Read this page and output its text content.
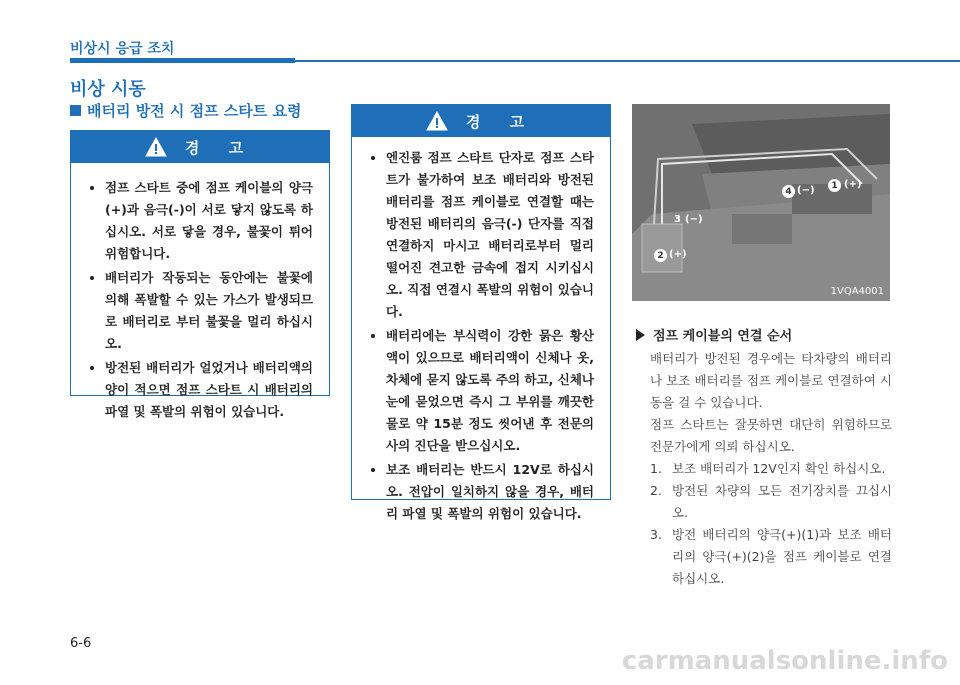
비상시 응급 조치
비상 시동
배터리 방전 시 점프 스타트 요령
경 고
• 점프 스타트 중에 점프 케이블의 양극(+)과 음극(-)이 서로 닿지 않도록 하십시오. 서로 닿을 경우, 불꽃이 튀어 위험합니다.
• 배터리가 작동되는 동안에는 불꽃에 의해 폭발할 수 있는 가스가 발생되므로 배터리로 부터 불꽃을 멀리 하십시오.
• 방전된 배터리가 얼었거나 배터리액의 양이 적으면 점프 스타트 시 배터리의 파열 및 폭발의 위험이 있습니다.
경 고
• 엔진룸 점프 스타트 단자로 점프 스타트가 불가하여 보조 배터리와 방전된 배터리를 점프 케이블로 연결할 때는 방전된 배터리의 음극(-) 단자를 직접 연결하지 마시고 배터리로부터 멀리 떨어진 견고한 금속에 접지 시키십시오. 직접 연결시 폭발의 위험이 있습니다.
• 배터리에는 부식력이 강한 묽은 황산액이 있으므로 배터리액이 신체나 옷, 차체에 묻지 않도록 주의 하고, 신체나 눈에 묻었으면 즉시 그 부위를 깨끗한 물로 약 15분 정도 씻어낸 후 전문의사의 진단을 받으십시오.
• 보조 배터리는 반드시 12V로 하십시오. 전압이 일치하지 않을 경우, 배터리 파열 및 폭발의 위험이 있습니다.
1 (+)
4 (−)
3 (−)
2 (+)
1VQA4001
점프 케이블의 연결 순서

배터리가 방전된 경우에는 타차량의 배터리나 보조 배터리를 점프 케이블로 연결하여 시동을 걸 수 있습니다.

점프 스타트는 잘못하면 대단히 위험하므로 전문가에게 의뢰 하십시오.

1. 보조 배터리가 12V인지 확인 하십시오.
2. 방전된 차량의 모든 전기장치를 끄십시오.
3. 방전 배터리의 양극(+)(1)과 보조 배터리의 양극(+)(2)을 점프 케이블로 연결 하십시오.
6-6
carmanualsonline.info
